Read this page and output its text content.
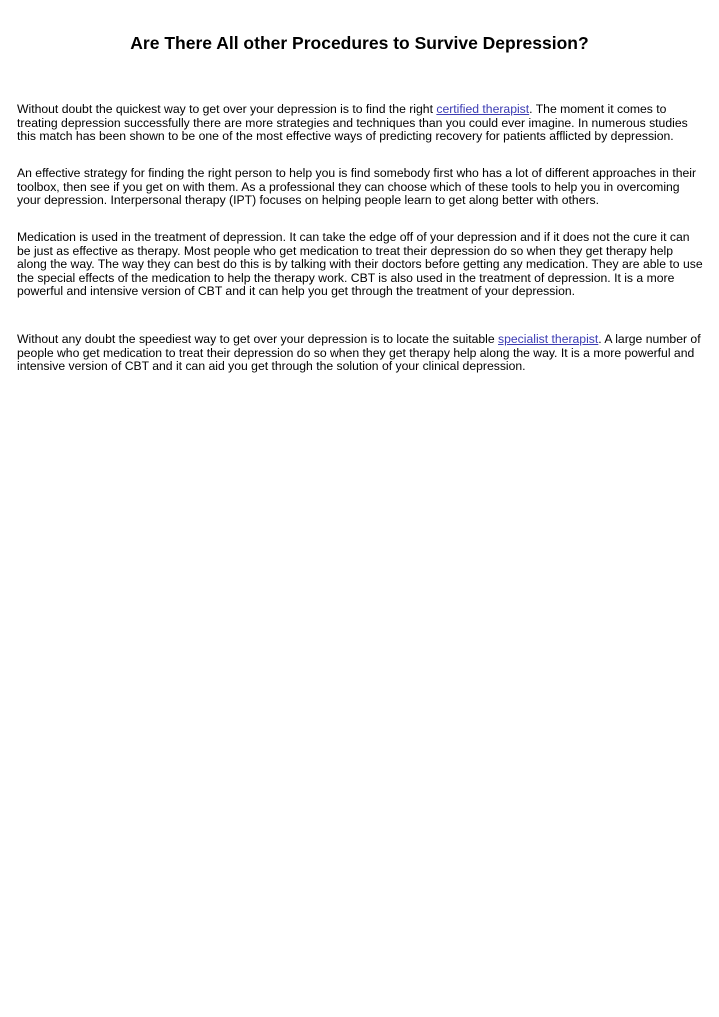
Are There All other Procedures to Survive Depression?

Without doubt the quickest way to get over your depression is to find the right certified therapist. The moment it comes to treating depression successfully there are more strategies and techniques than you could ever imagine. In numerous studies this match has been shown to be one of the most effective ways of predicting recovery for patients afflicted by depression.

An effective strategy for finding the right person to help you is find somebody first who has a lot of different approaches in their toolbox, then see if you get on with them. As a professional they can choose which of these tools to help you in overcoming your depression. Interpersonal therapy (IPT) focuses on helping people learn to get along better with others.

Medication is used in the treatment of depression. It can take the edge off of your depression and if it does not the cure it can be just as effective as therapy. Most people who get medication to treat their depression do so when they get therapy help along the way. The way they can best do this is by talking with their doctors before getting any medication. They are able to use the special effects of the medication to help the therapy work. CBT is also used in the treatment of depression. It is a more powerful and intensive version of CBT and it can help you get through the treatment of your depression.

Without any doubt the speediest way to get over your depression is to locate the suitable specialist therapist. A large number of people who get medication to treat their depression do so when they get therapy help along the way. It is a more powerful and intensive version of CBT and it can aid you get through the solution of your clinical depression.
